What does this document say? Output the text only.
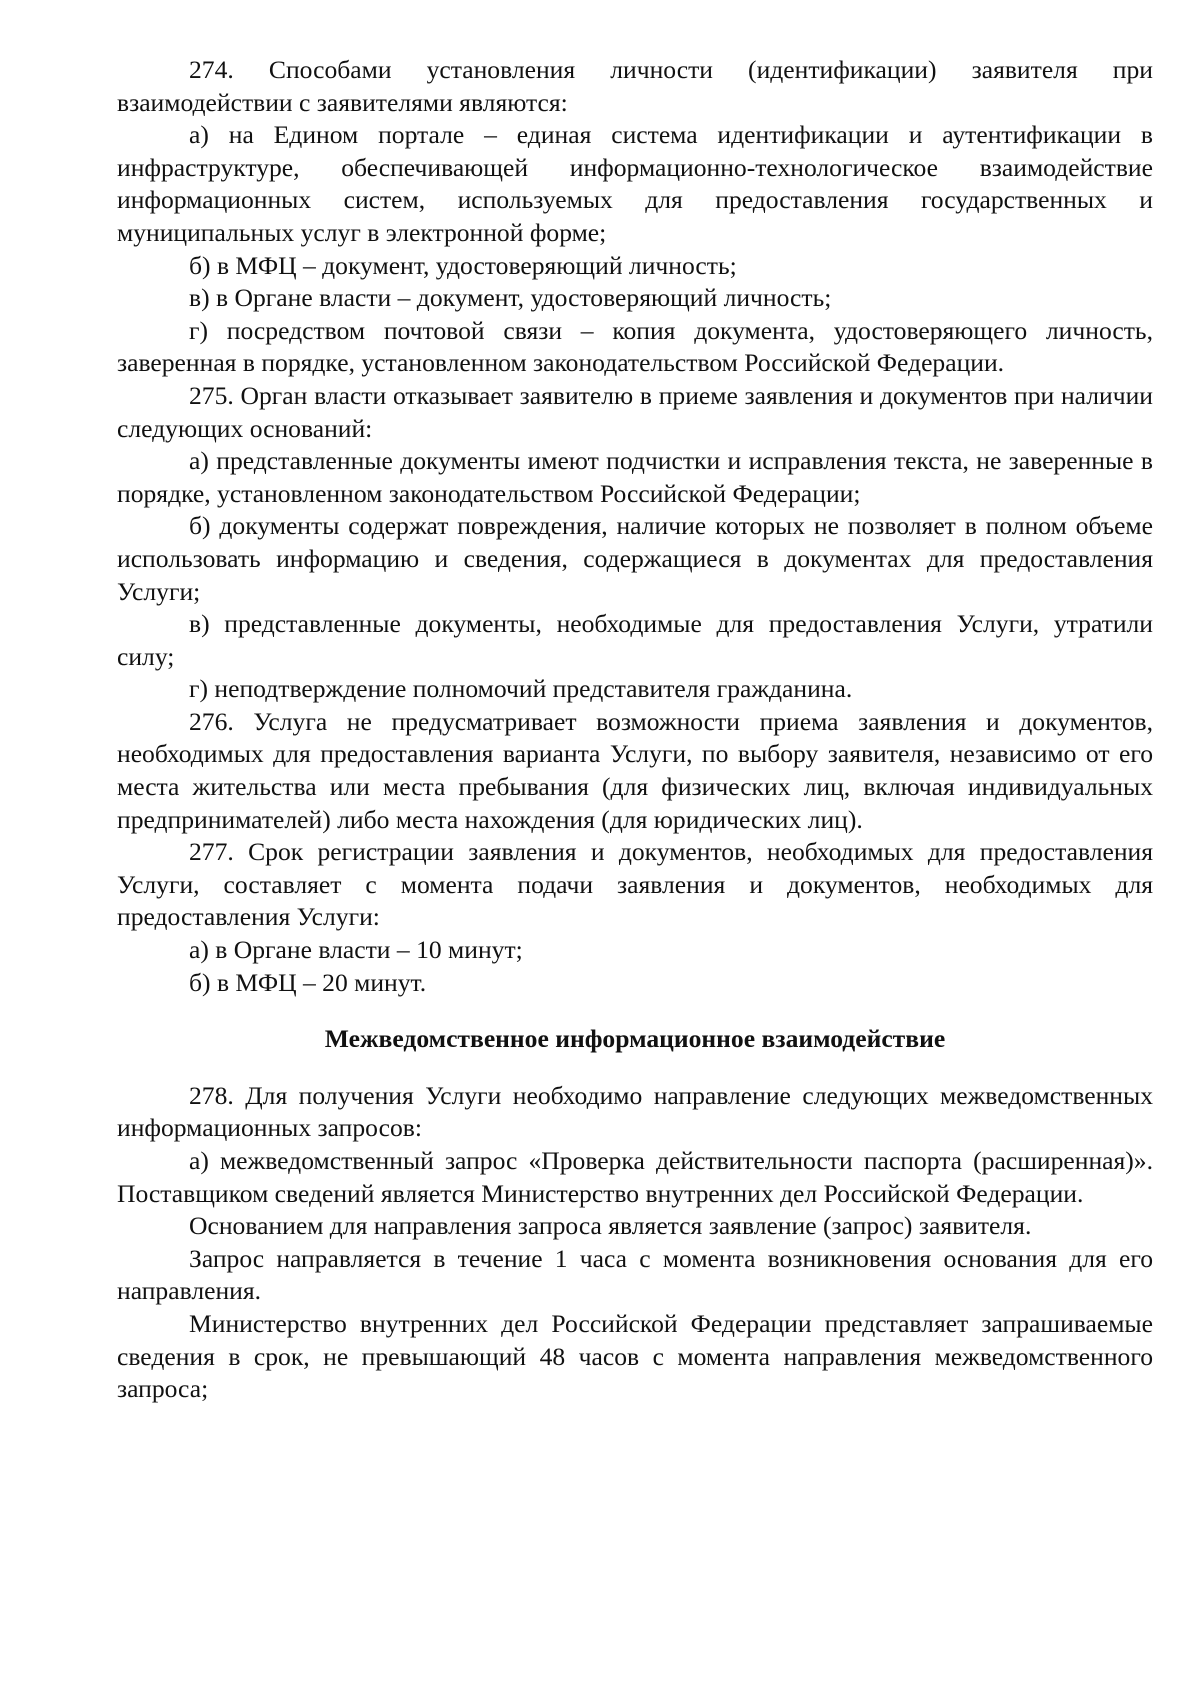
274. Способами установления личности (идентификации) заявителя при взаимодействии с заявителями являются:

а) на Едином портале – единая система идентификации и аутентификации в инфраструктуре, обеспечивающей информационно-технологическое взаимодействие информационных систем, используемых для предоставления государственных и муниципальных услуг в электронной форме;

б) в МФЦ – документ, удостоверяющий личность;

в) в Органе власти – документ, удостоверяющий личность;

г) посредством почтовой связи – копия документа, удостоверяющего личность, заверенная в порядке, установленном законодательством Российской Федерации.

275. Орган власти отказывает заявителю в приеме заявления и документов при наличии следующих оснований:

а) представленные документы имеют подчистки и исправления текста, не заверенные в порядке, установленном законодательством Российской Федерации;

б) документы содержат повреждения, наличие которых не позволяет в полном объеме использовать информацию и сведения, содержащиеся в документах для предоставления Услуги;

в) представленные документы, необходимые для предоставления Услуги, утратили силу;

г) неподтверждение полномочий представителя гражданина.

276. Услуга не предусматривает возможности приема заявления и документов, необходимых для предоставления варианта Услуги, по выбору заявителя, независимо от его места жительства или места пребывания (для физических лиц, включая индивидуальных предпринимателей) либо места нахождения (для юридических лиц).

277. Срок регистрации заявления и документов, необходимых для предоставления Услуги, составляет с момента подачи заявления и документов, необходимых для предоставления Услуги:

а) в Органе власти – 10 минут;

б) в МФЦ – 20 минут.

Межведомственное информационное взаимодействие

278. Для получения Услуги необходимо направление следующих межведомственных информационных запросов:

а) межведомственный запрос «Проверка действительности паспорта (расширенная)». Поставщиком сведений является Министерство внутренних дел Российской Федерации.

Основанием для направления запроса является заявление (запрос) заявителя.

Запрос направляется в течение 1 часа с момента возникновения основания для его направления.

Министерство внутренних дел Российской Федерации представляет запрашиваемые сведения в срок, не превышающий 48 часов с момента направления межведомственного запроса;
